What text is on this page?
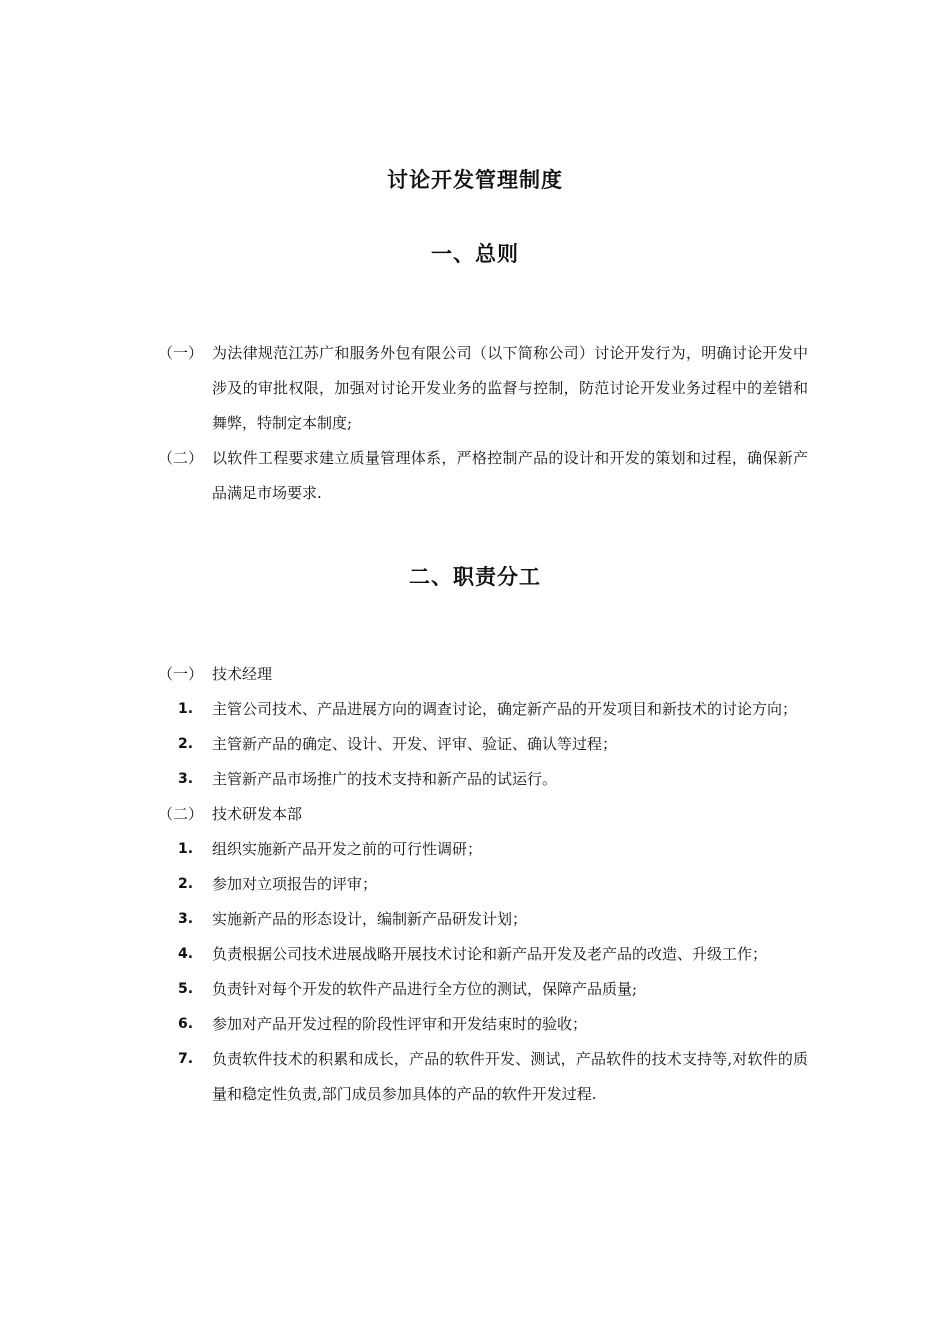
讨论开发管理制度
一、总则
（一） 为法律规范江苏广和服务外包有限公司（以下简称公司）讨论开发行为，明确讨论开发中涉及的审批权限，加强对讨论开发业务的监督与控制，防范讨论开发业务过程中的差错和舞弊，特制定本制度;
（二） 以软件工程要求建立质量管理体系，严格控制产品的设计和开发的策划和过程，确保新产品满足市场要求.
二、职责分工
（一） 技术经理
1. 主管公司技术、产品进展方向的调查讨论，确定新产品的开发项目和新技术的讨论方向；
2. 主管新产品的确定、设计、开发、评审、验证、确认等过程；
3. 主管新产品市场推广的技术支持和新产品的试运行。
（二） 技术研发本部
1. 组织实施新产品开发之前的可行性调研；
2. 参加对立项报告的评审；
3. 实施新产品的形态设计，编制新产品研发计划；
4. 负责根据公司技术进展战略开展技术讨论和新产品开发及老产品的改造、升级工作；
5. 负责针对每个开发的软件产品进行全方位的测试，保障产品质量;
6. 参加对产品开发过程的阶段性评审和开发结束时的验收；
7. 负责软件技术的积累和成长，产品的软件开发、测试，产品软件的技术支持等,对软件的质量和稳定性负责,部门成员参加具体的产品的软件开发过程.
